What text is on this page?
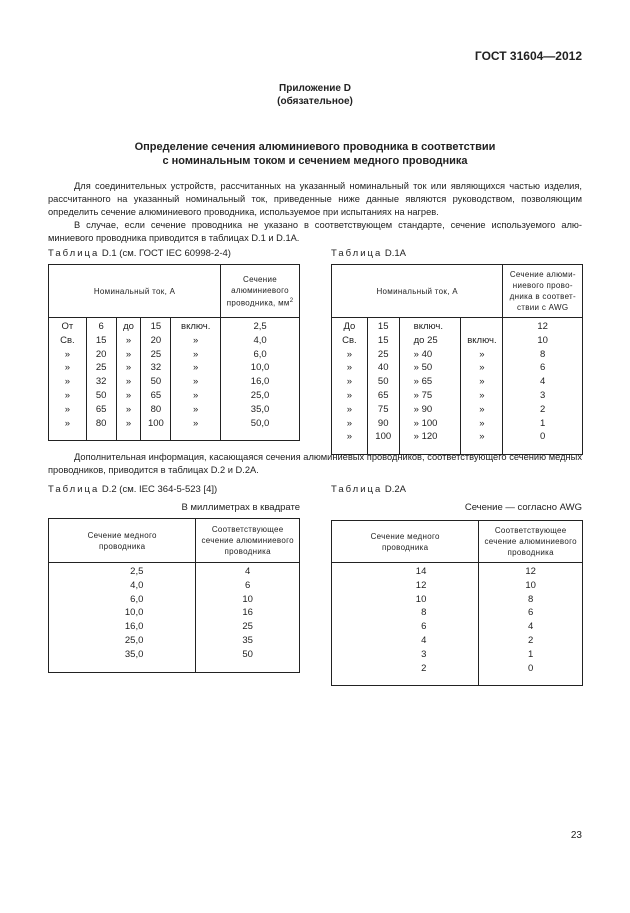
ГОСТ 31604—2012
Приложение D
(обязательное)
Определение сечения алюминиевого проводника в соответствии
с номинальным током и сечением медного проводника

Для соединительных устройств, рассчитанных на указанный номинальный ток или являющихся частью изделия, рассчитанного на указанный номинальный ток, приведенные ниже данные являются руководством, позволяющим определить сечение алюминиевого проводника, используемое при испытаниях на нагрев.

В случае, если сечение проводника не указано в соответствующем стандарте, сечение используемого алюминиевого проводника приводится в таблицах D.1 и D.1A.

Таблица D.1 (см. ГОСТ IEC 60998-2-4)	Таблица D.1A
Номинальный ток, А					Сечение алюминиевого проводника, $мм^2$
От	6	до	15	включ.	2,5
Св.	15	»	20	»	4,0
»	20	»	25	»	6,0
»	25	»	32	»	10,0
»	32	»	50	»	16,0
»	50	»	65	»	25,0
»	65	»	80	»	35,0
»	80	»	100	»	50,0
Номинальный ток, А				Сечение алюминиевого проводника в соответствии с AWG
До	15	включ.		12
Св.	15	до 25	включ.	10
»	25	» 40	»	8
»	40	» 50	»	6
»	50	» 65	»	4
»	65	» 75	»	3
»	75	» 90	»	2
»	90	» 100	»	1
»	100	» 120	»	0

Дополнительная информация, касающаяся сечения алюминиевых проводников, соответствующего сечению медных проводников, приводится в таблицах D.2 и D.2A.

Таблица D.2 (см. IEC 364-5-523 [4])
В миллиметрах в квадрате
Таблица D.2A
Сечение — согласно AWG
Сечение медного проводника	Соответствующее сечение алюминиевого проводника
2,5	4
4,0	6
6,0	10
10,0	16
16,0	25
25,0	35
35,0	50
Сечение медного проводника	Соответствующее сечение алюминиевого проводника
14	12
12	10
10	8
8	6
6	4
4	2
3	1
2	0
23
